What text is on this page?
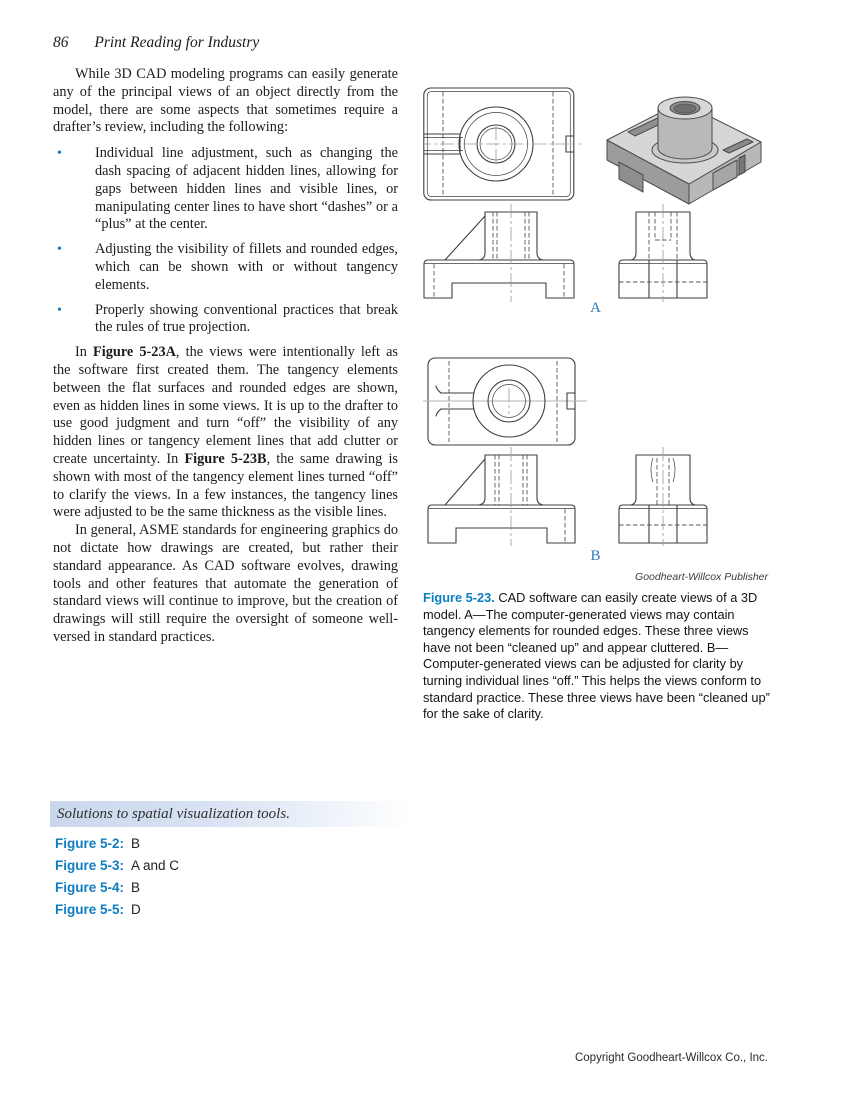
86 Print Reading for Industry

While 3D CAD modeling programs can easily generate any of the principal views of an object directly from the model, there are some aspects that sometimes require a drafter’s review, including the following:

• Individual line adjustment, such as changing the dash spacing of adjacent hidden lines, allowing for gaps between hidden lines and visible lines, or manipulating center lines to have short “dashes” or a “plus” at the center.
• Adjusting the visibility of fillets and rounded edges, which can be shown with or without tangency elements.
• Properly showing conventional practices that break the rules of true projection.

In Figure 5-23A, the views were intentionally left as the software first created them. The tangency elements between the flat surfaces and rounded edges are shown, even as hidden lines in some views. It is up to the drafter to use good judgment and turn “off” the visibility of any hidden lines or tangency element lines that add clutter or create uncertainty. In Figure 5-23B, the same drawing is shown with most of the tangency element lines turned “off” to clarify the views. In a few instances, the tangency lines were adjusted to be the same thickness as the visible lines.

In general, ASME standards for engineering graphics do not dictate how drawings are created, but rather their standard appearance. As CAD software evolves, drawing tools and other features that automate the generation of standard views will continue to improve, but the creation of drawings will still require the oversight of someone well-versed in standard practices.

A
B
Goodheart-Willcox Publisher
Figure 5-23. CAD software can easily create views of a 3D model. A—The computer-generated views may contain tangency elements for rounded edges. These three views have not been “cleaned up” and appear cluttered. B—Computer-generated views can be adjusted for clarity by turning individual lines “off.” This helps the views conform to standard practice. These three views have been “cleaned up” for the sake of clarity.
Solutions to spatial visualization tools.
Figure 5-2: B
Figure 5-3: A and C
Figure 5-4: B
Figure 5-5: D
Copyright Goodheart-Willcox Co., Inc.
